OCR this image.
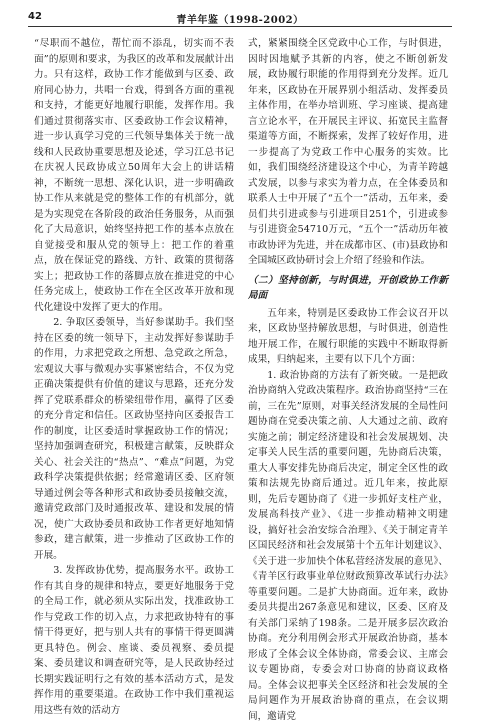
42	青羊年鉴（1998-2002）

“尽职而不越位，帮忙而不添乱，切实而不表面”的原则和要求，为我区的改革和发展献计出力。只有这样，政协工作才能做到与区委、政府同心协力，共唱一台戏，得到各方面的重视和支持，才能更好地履行职能，发挥作用。我们通过贯彻落实市、区委政协工作会议精神，进一步认真学习党的三代领导集体关于统一战线和人民政协重要思想及论述，学习江总书记在庆祝人民政协成立50周年大会上的讲话精神，不断统一思想、深化认识，进一步明确政协工作从来就是党的整体工作的有机部分，就是为实现党在各阶段的政治任务服务，从而强化了大局意识，始终坚持把工作的基本点放在自觉接受和服从党的领导上：把工作的着重点，放在保证党的路线、方针、政策的贯彻落实上；把政协工作的落脚点放在推进党的中心任务完成上，使政协工作在全区改革开放和现代化建设中发挥了更大的作用。

2. 争取区委领导，当好参谋助手。我们坚持在区委的统一领导下，主动发挥好参谋助手的作用，力求把党政之所想、急党政之所急，宏观议大事与微观办实事紧密结合，不仅为党正确决策提供有价值的建议与思路，还充分发挥了党联系群众的桥梁纽带作用，赢得了区委的充分肯定和信任。区政协坚持向区委报告工作的制度，让区委适时掌握政协工作的情况；坚持加强调查研究，积极建言献策，反映群众关心、社会关注的“热点”、“难点”问题，为党政科学决策提供依据；经常邀请区委、区府领导通过例会等各种形式和政协委员接触交流，邀请党政部门及时通报改革、建设和发展的情况，使广大政协委员和政协工作者更好地知情参政，建言献策，进一步推动了区政协工作的开展。

3. 发挥政协优势，提高服务水平。政协工作有其自身的规律和特点，要更好地服务于党的全局工作，就必须从实际出发，找准政协工作与党政工作的切入点，力求把政协特有的事情干得更好，把与别人共有的事情干得更圆满更具特色。例会、座谈、委员视察、委员提案、委员建议和调查研究等，是人民政协经过长期实践证明行之有效的基本活动方式，是发挥作用的重要渠道。在政协工作中我们重视运用这些有效的活动方

式，紧紧围绕全区党政中心工作，与时俱进，因时因地赋予其新的内容，使之不断创新发展，政协履行职能的作用得到充分发挥。近几年来，区政协在开展界别小组活动、发挥委员主体作用，在举办培训班、学习座谈、提高建言立论水平，在开展民主评议、拓宽民主监督渠道等方面，不断探索，发挥了较好作用，进一步提高了为党政工作中心服务的实效。比如，我们围绕经济建设这个中心，为青羊跨越式发展，以参与求实为着力点，在全体委员和联系人士中开展了“五个一”活动，五年来，委员们共引进或参与引进项目251个，引进或参与引进资金54710万元，“五个一”活动历年被市政协评为先进，并在成都市区、(市)县政协和全国城区政协研讨会上介绍了经验和作法。

（二）坚持创新，与时俱进，开创政协工作新局面

五年来，特别是区委政协工作会议召开以来，区政协坚持解放思想，与时俱进，创造性地开展工作，在履行职能的实践中不断取得新成果，归纳起来，主要有以下几个方面：

1. 政治协商的方法有了新突破。一是把政治协商纳入党政决策程序。政治协商坚持“三在前，三在先”原则，对事关经济发展的全局性问题协商在党委决策之前、人大通过之前、政府实施之前；制定经济建设和社会发展规划、决定事关人民生活的重要问题，先协商后决策，重大人事安排先协商后决定，制定全区性的政策和法规先协商后通过。近几年来，按此原则，先后专题协商了《进一步抓好支柱产业，发展高科技产业》、《进一步推动精神文明建设，搞好社会治安综合治理》、《关于制定青羊区国民经济和社会发展第十个五年计划建议》、《关于进一步加快个体私营经济发展的意见》、《青羊区行政事业单位财政预算改革试行办法》等重要问题。二是扩大协商面。近年来，政协委员共提出267条意见和建议，区委、区府及有关部门采纳了198条。二是开展多层次政治协商。充分利用例会形式开展政治协商，基本形成了全体会议全体协商，常委会议、主席会议专题协商，专委会对口协商的协商议政格局。全体会议把事关全区经济和社会发展的全局问题作为开展政治协商的重点，在会议期间，邀请党
